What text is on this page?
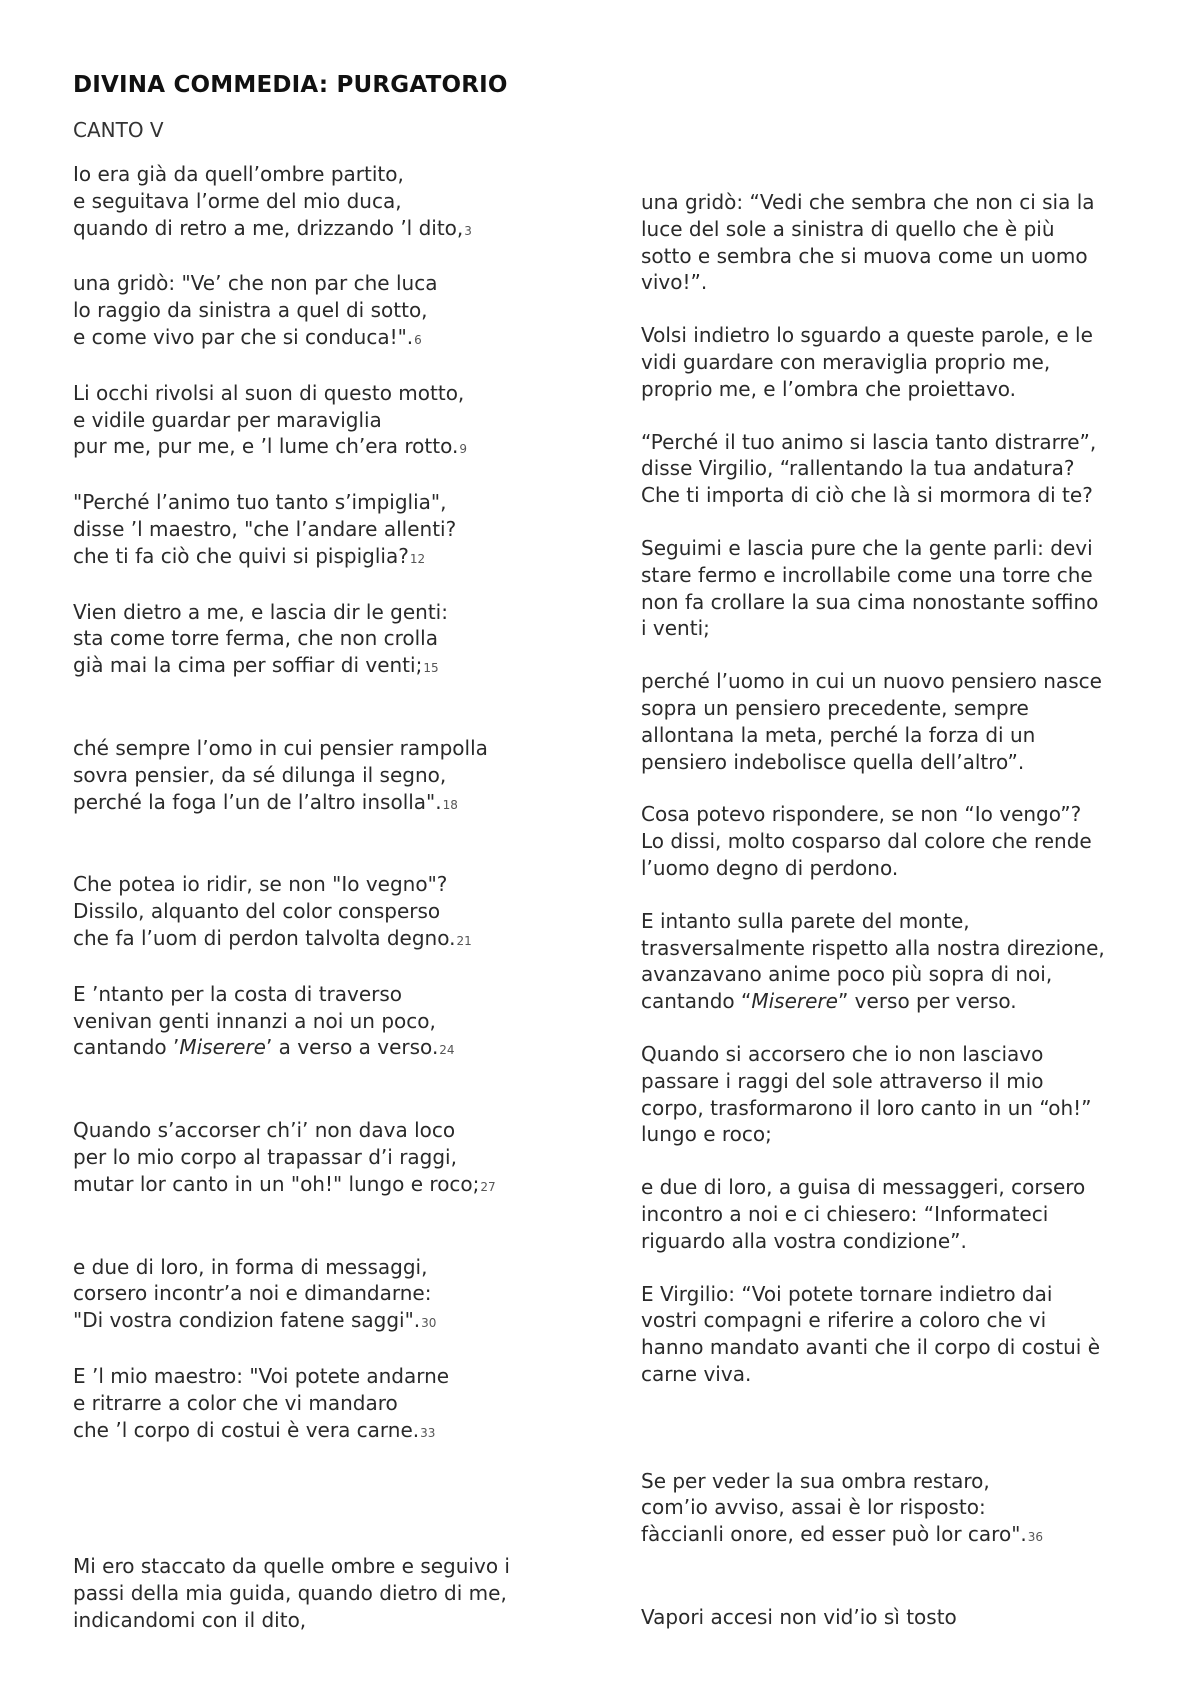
DIVINA COMMEDIA: PURGATORIO
CANTO V

Io era già da quell’ombre partito,
e seguitava l’orme del mio duca,
quando di retro a me, drizzando ’l dito,3

una gridò: "Ve’ che non par che luca
lo raggio da sinistra a quel di sotto,
e come vivo par che si conduca!".6

Li occhi rivolsi al suon di questo motto,
e vidile guardar per maraviglia
pur me, pur me, e ’l lume ch’era rotto.9

"Perché l’animo tuo tanto s’impiglia",
disse ’l maestro, "che l’andare allenti?
che ti fa ciò che quivi si pispiglia?12

Vien dietro a me, e lascia dir le genti:
sta come torre ferma, che non crolla
già mai la cima per soffiar di venti;15

ché sempre l’omo in cui pensier rampolla
sovra pensier, da sé dilunga il segno,
perché la foga l’un de l’altro insolla".18

Che potea io ridir, se non "Io vegno"?
Dissilo, alquanto del color consperso
che fa l’uom di perdon talvolta degno.21

E ’ntanto per la costa di traverso
venivan genti innanzi a noi un poco,
cantando ’Miserere’ a verso a verso.24

Quando s’accorser ch’i’ non dava loco
per lo mio corpo al trapassar d’i raggi,
mutar lor canto in un "oh!" lungo e roco;27

e due di loro, in forma di messaggi,
corsero incontr’a noi e dimandarne:
"Di vostra condizion fatene saggi".30

E ’l mio maestro: "Voi potete andarne
e ritrarre a color che vi mandaro
che ’l corpo di costui è vera carne.33

Mi ero staccato da quelle ombre e seguivo i
passi della mia guida, quando dietro di me,
indicandomi con il dito,

una gridò: “Vedi che sembra che non ci sia la
luce del sole a sinistra di quello che è più
sotto e sembra che si muova come un uomo
vivo!”.

Volsi indietro lo sguardo a queste parole, e le
vidi guardare con meraviglia proprio me,
proprio me, e l’ombra che proiettavo.

“Perché il tuo animo si lascia tanto distrarre”,
disse Virgilio, “rallentando la tua andatura?
Che ti importa di ciò che là si mormora di te?

Seguimi e lascia pure che la gente parli: devi
stare fermo e incrollabile come una torre che
non fa crollare la sua cima nonostante soffino
i venti;

perché l’uomo in cui un nuovo pensiero nasce
sopra un pensiero precedente, sempre
allontana la meta, perché la forza di un
pensiero indebolisce quella dell’altro”.

Cosa potevo rispondere, se non “Io vengo”?
Lo dissi, molto cosparso dal colore che rende
l’uomo degno di perdono.

E intanto sulla parete del monte,
trasversalmente rispetto alla nostra direzione,
avanzavano anime poco più sopra di noi,
cantando “Miserere” verso per verso.

Quando si accorsero che io non lasciavo
passare i raggi del sole attraverso il mio
corpo, trasformarono il loro canto in un “oh!”
lungo e roco;

e due di loro, a guisa di messaggeri, corsero
incontro a noi e ci chiesero: “Informateci
riguardo alla vostra condizione”.

E Virgilio: “Voi potete tornare indietro dai
vostri compagni e riferire a coloro che vi
hanno mandato avanti che il corpo di costui è
carne viva.

Se per veder la sua ombra restaro,
com’io avviso, assai è lor risposto:
fàccianli onore, ed esser può lor caro".36

Vapori accesi non vid’io sì tosto
